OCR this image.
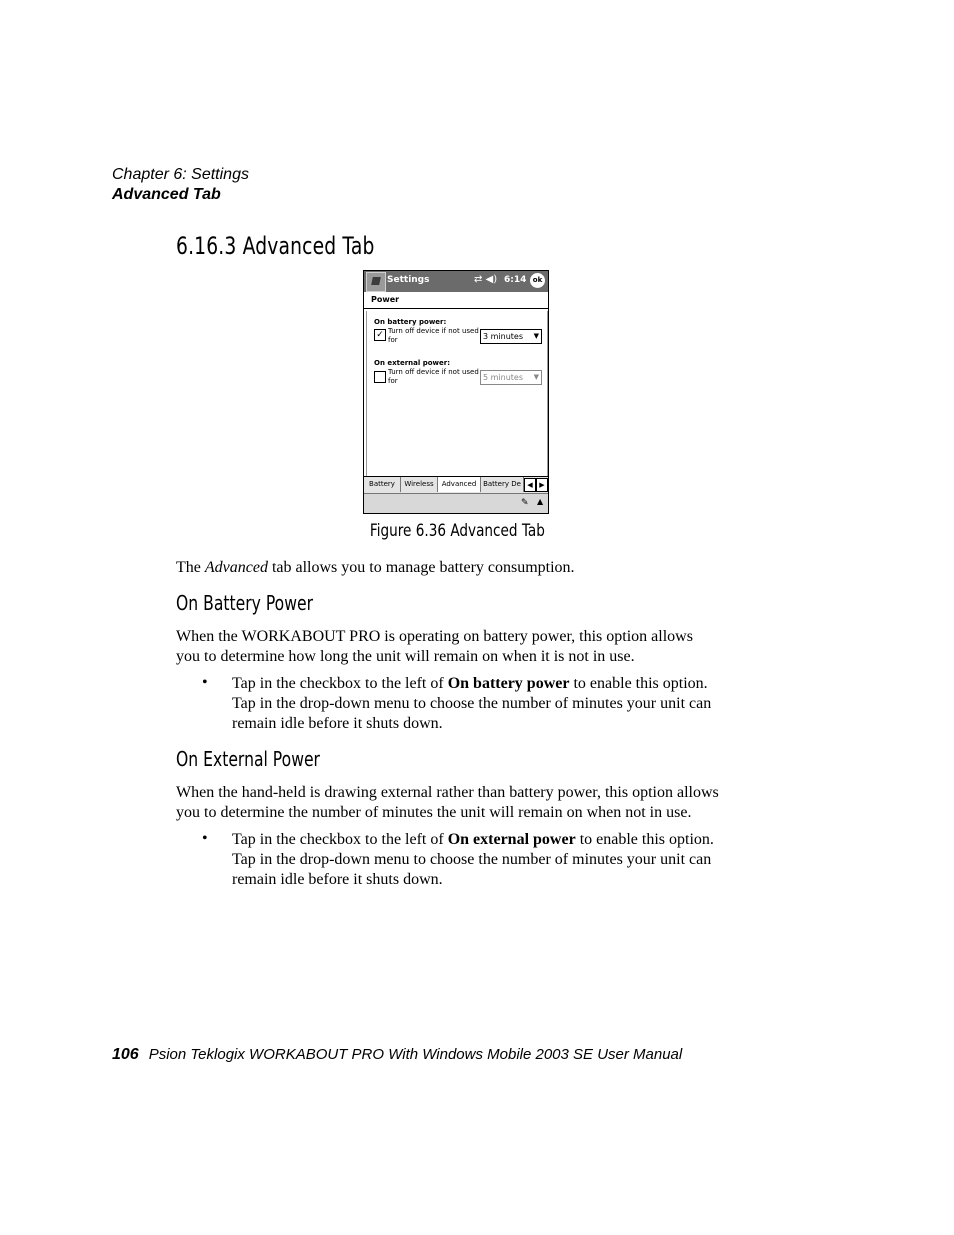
Chapter 6: Settings
Advanced Tab
6.16.3 Advanced Tab
Settings	⇄ ◀) 6:14 ok
Power
On battery power:
✓ Turn off device if not used for	3 minutes ▼
On external power:
Turn off device if not used for	5 minutes ▼
Battery	Wireless	Advanced Battery De ◀ ▶
✎ ▲
Figure 6.36 Advanced Tab
The Advanced tab allows you to manage battery consumption.
On Battery Power
When the WORKABOUT PRO is operating on battery power, this option allows
you to determine how long the unit will remain on when it is not in use.
• Tap in the checkbox to the left of On battery power to enable this option.
Tap in the drop-down menu to choose the number of minutes your unit can
remain idle before it shuts down.
On External Power
When the hand-held is drawing external rather than battery power, this option allows
you to determine the number of minutes the unit will remain on when not in use.
• Tap in the checkbox to the left of On external power to enable this option.
Tap in the drop-down menu to choose the number of minutes your unit can
remain idle before it shuts down.
106 Psion Teklogix WORKABOUT PRO With Windows Mobile 2003 SE User Manual
